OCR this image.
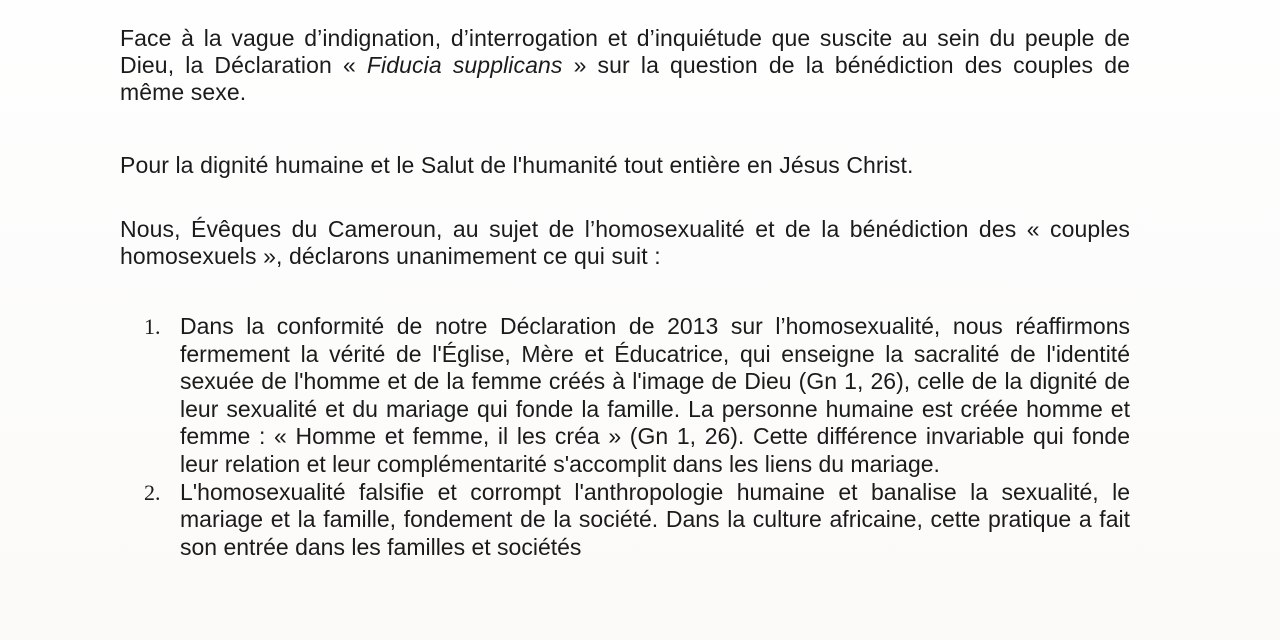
Face à la vague d’indignation, d’interrogation et d’inquiétude que suscite au sein du peuple de Dieu, la Déclaration « Fiducia supplicans » sur la question de la bénédiction des couples de même sexe.

Pour la dignité humaine et le Salut de l'humanité tout entière en Jésus Christ.

Nous, Évêques du Cameroun, au sujet de l’homosexualité et de la bénédiction des « couples homosexuels », déclarons unanimement ce qui suit :

1. Dans la conformité de notre Déclaration de 2013 sur l’homosexualité, nous réaffirmons fermement la vérité de l'Église, Mère et Éducatrice, qui enseigne la sacralité de l'identité sexuée de l'homme et de la femme créés à l'image de Dieu (Gn 1, 26), celle de la dignité de leur sexualité et du mariage qui fonde la famille. La personne humaine est créée homme et femme : « Homme et femme, il les créa » (Gn 1, 26). Cette différence invariable qui fonde leur relation et leur complémentarité s'accomplit dans les liens du mariage.
2. L'homosexualité falsifie et corrompt l'anthropologie humaine et banalise la sexualité, le mariage et la famille, fondement de la société. Dans la culture africaine, cette pratique a fait son entrée dans les familles et sociétés
